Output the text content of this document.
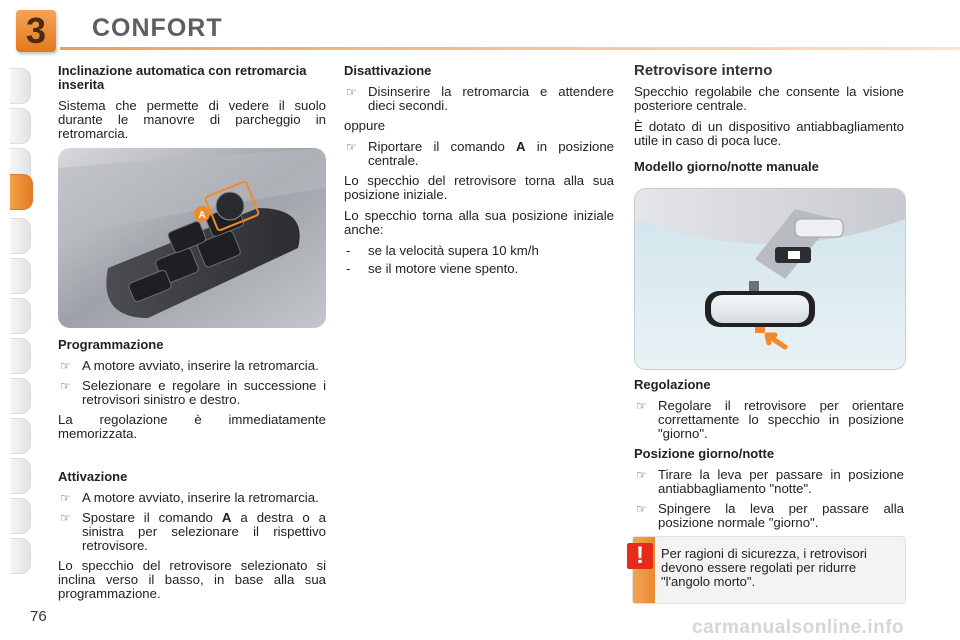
3	CONFORT

Inclinazione automatica con retromarcia inserita

Sistema che permette di vedere il suolo durante le manovre di parcheggio in retromarcia.

A

Programmazione

☞ A motore avviato, inserire la retromarcia.
☞ Selezionare e regolare in successione i retrovisori sinistro e destro.

La regolazione è immediatamente memorizzata.

Attivazione

☞ A motore avviato, inserire la retromarcia.
☞ Spostare il comando A a destra o a sinistra per selezionare il rispettivo retrovisore.

Lo specchio del retrovisore selezionato si inclina verso il basso, in base alla sua programmazione.

Disattivazione

☞ Disinserire la retromarcia e attendere dieci secondi.

oppure

☞ Riportare il comando A in posizione centrale.

Lo specchio del retrovisore torna alla sua posizione iniziale.

Lo specchio torna alla sua posizione iniziale anche:

- se la velocità supera 10 km/h
- se il motore viene spento.

Retrovisore interno

Specchio regolabile che consente la visione posteriore centrale.

È dotato di un dispositivo antiabbagliamento utile in caso di poca luce.

Modello giorno/notte manuale

Regolazione

☞ Regolare il retrovisore per orientare correttamente lo specchio in posizione "giorno".

Posizione giorno/notte

☞ Tirare la leva per passare in posizione antiabbagliamento "notte".
☞ Spingere la leva per passare alla posizione normale "giorno".
!	Per ragioni di sicurezza, i retrovisori devono essere regolati per ridurre "l'angolo morto".
76
carmanualsonline.info
